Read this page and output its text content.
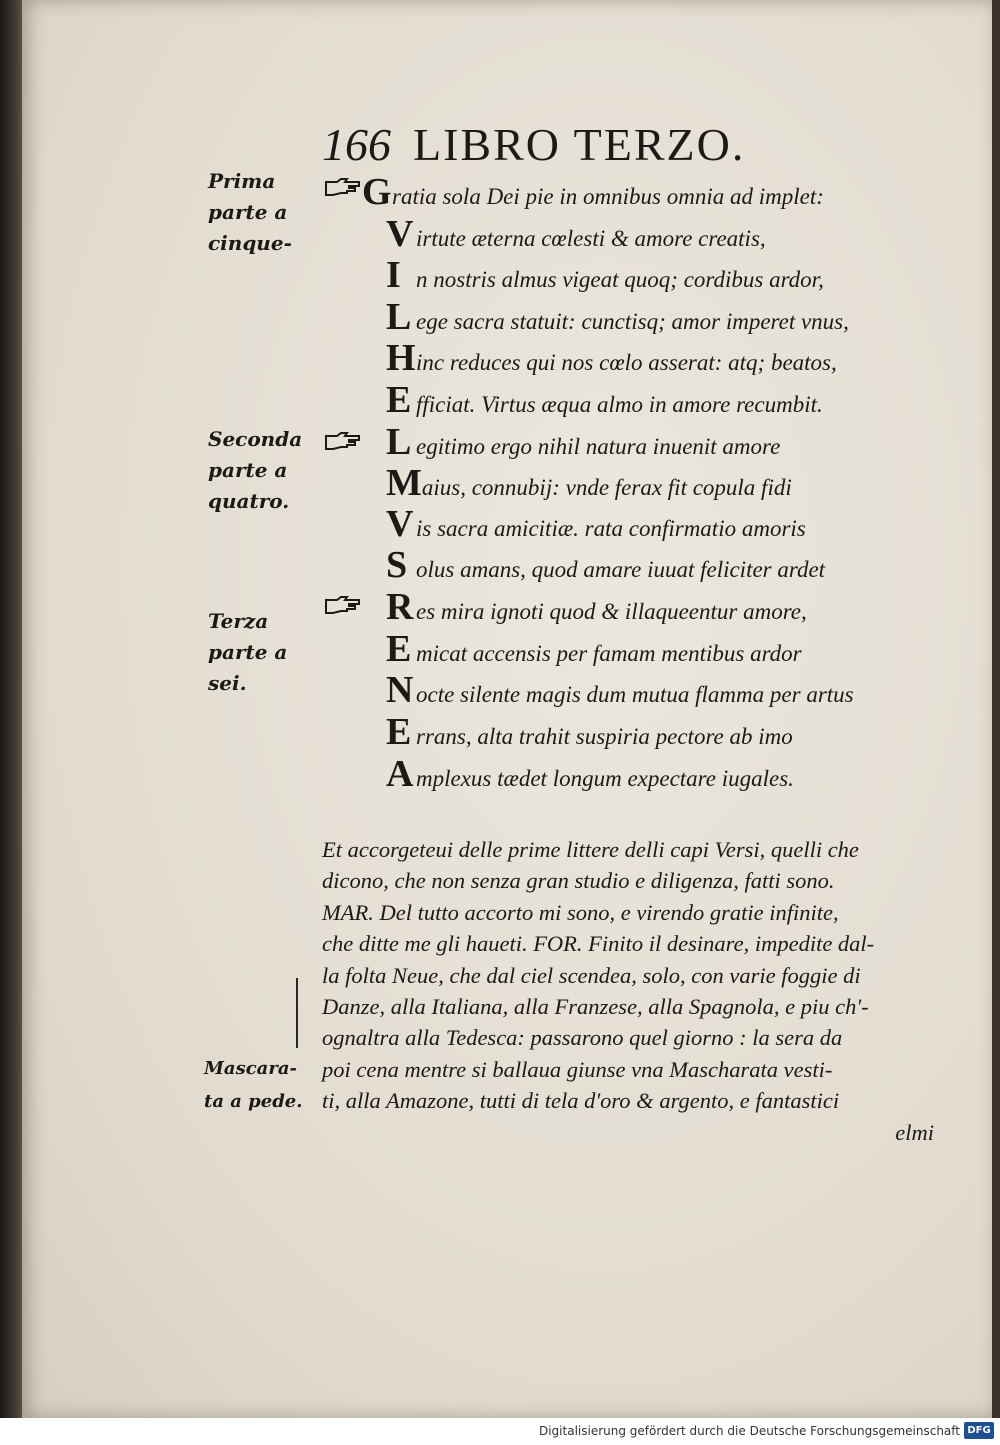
166 LIBRO TERZO.
Prima
parte a
cinque-
Seconda
parte a
quatro.
Terza
parte a
sei.
Mascara-
ta a pede.
Gratia sola Dei pie in omnibus omnia ad implet:
Virtute æterna cœlesti & amore creatis,
In nostris almus vigeat quoq; cordibus ardor,
Lege sacra statuit: cunctisq; amor imperet vnus,
Hinc reduces qui nos cœlo asserat: atq; beatos,
Efficiat. Virtus æqua almo in amore recumbit.
Legitimo ergo nihil natura inuenit amore
Maius, connubij: vnde ferax fit copula fidi
Vis sacra amicitiæ. rata confirmatio amoris
Solus amans, quod amare iuuat feliciter ardet
Res mira ignoti quod & illaqueentur amore,
Emicat accensis per famam mentibus ardor
Nocte silente magis dum mutua flamma per artus
Errans, alta trahit suspiria pectore ab imo
Amplexus tædet longum expectare iugales.
Et accorgeteui delle prime littere delli capi Versi, quelli che
dicono, che non senza gran studio e diligenza, fatti sono.
MAR. Del tutto accorto mi sono, e virendo gratie infinite,
che ditte me gli haueti. FOR. Finito il desinare, impedite dal-
la folta Neue, che dal ciel scendea, solo, con varie foggie di
Danze, alla Italiana, alla Franzese, alla Spagnola, e piu ch'-
ognaltra alla Tedesca: passarono quel giorno : la sera da
poi cena mentre si ballaua giunse vna Mascharata vesti-
ti, alla Amazone, tutti di tela d'oro & argento, e fantastici
elmi
Digitalisierung gefördert durch die Deutsche Forschungsgemeinschaft DFG
